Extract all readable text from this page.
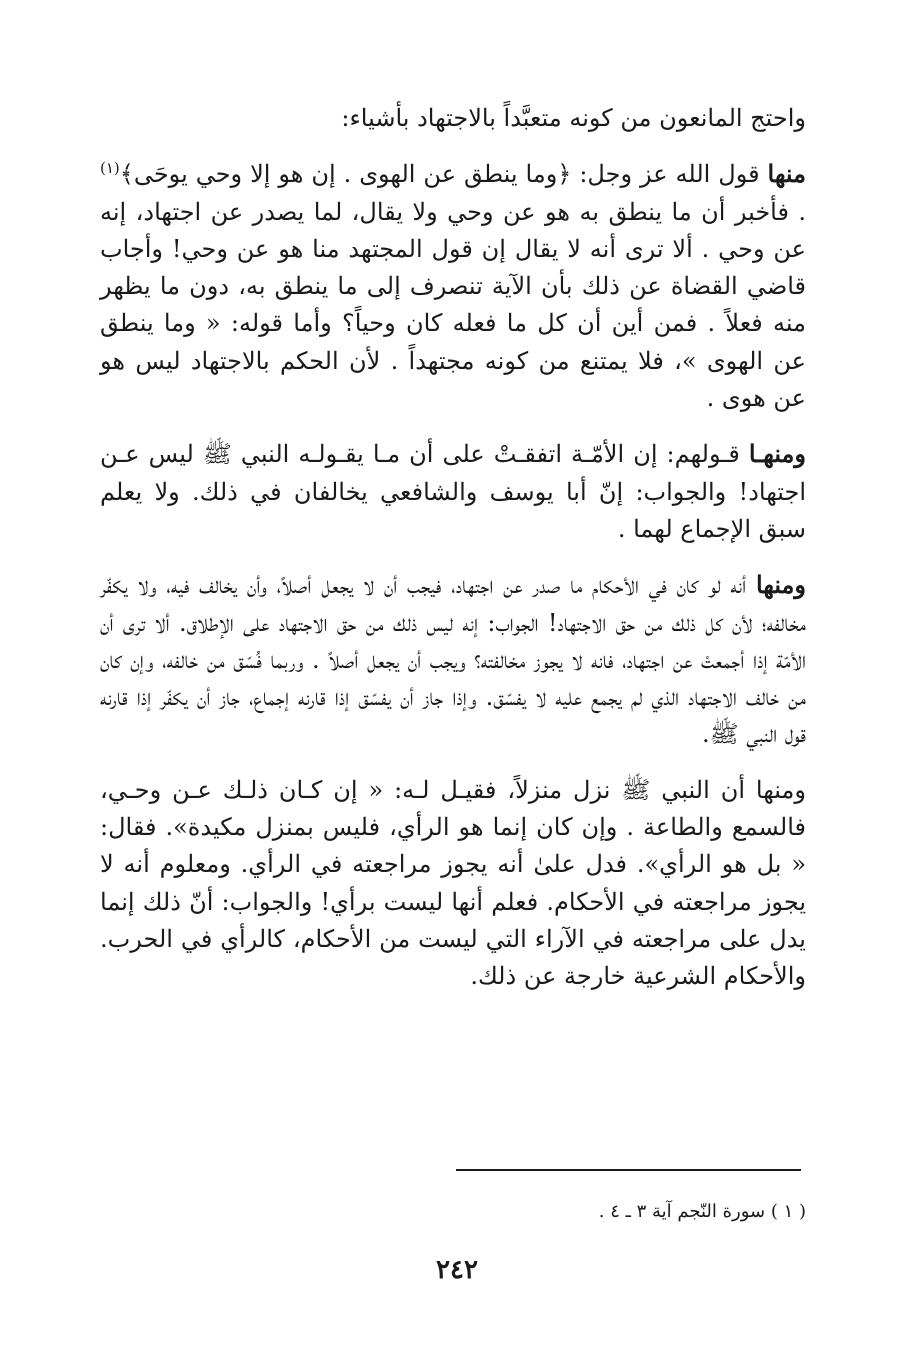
واحتج المانعون من كونه متعبَّداً بالاجتهاد بأشياء:

منها قول الله عز وجل: ﴿وما ينطق عن الهوى . إن هو إلا وحي يوحَى﴾$^{(١)}$ . فأخبر أن ما ينطق به هو عن وحي ولا يقال، لما يصدر عن اجتهاد، إنه عن وحي . ألا ترى أنه لا يقال إن قول المجتهد منا هو عن وحي! وأجاب قاضي القضاة عن ذلك بأن الآية تنصرف إلى ما ينطق به، دون ما يظهر منه فعلاً . فمن أين أن كل ما فعله كان وحياً؟ وأما قوله: « وما ينطق عن الهوى »، فلا يمتنع من كونه مجتهداً . لأن الحكم بالاجتهاد ليس هو عن هوى .

ومنهـا قـولهم: إن الأمّـة اتفقـتْ على أن مـا يقـولـه النبي ﷺ ليس عـن اجتهاد! والجواب: إنّ أبا يوسف والشافعي يخالفان في ذلك. ولا يعلم سبق الإجماع لهما .

ومنها أنه لو كان في الأحكام ما صدر عن اجتهاد، فيجب أن لا يجعل أصلاً، وأن يخالف فيه، ولا يكفّر مخالفه؛ لأن كل ذلك من حق الاجتهاد! الجواب: إنه ليس ذلك من حق الاجتهاد على الإطلاق. ألا ترى أن الأمّة إذا أجمعتْ عن اجتهاد، فانه لا يجوز مخالفته؟ ويجب أن يجعل أصلاً . وربما فُسّق من خالفه، وإن كان من خالف الاجتهاد الذي لم يجمع عليه لا يفسّق. وإذا جاز أن يفسّق إذا قارنه إجماع، جاز أن يكفّر إذا قارنه قول النبي ﷺ.

ومنها أن النبي ﷺ نزل منزلاً، فقيـل لـه: « إن كـان ذلـك عـن وحـي، فالسمع والطاعة . وإن كان إنما هو الرأي، فليس بمنزل مكيدة». فقال: « بل هو الرأي». فدل علىٰ أنه يجوز مراجعته في الرأي. ومعلوم أنه لا يجوز مراجعته في الأحكام. فعلم أنها ليست برأي! والجواب: أنّ ذلك إنما يدل على مراجعته في الآراء التي ليست من الأحكام، كالرأي في الحرب. والأحكام الشرعية خارجة عن ذلك.

( ١ ) سورة النّجم آية ٣ ـ ٤ .
٢٤٢
